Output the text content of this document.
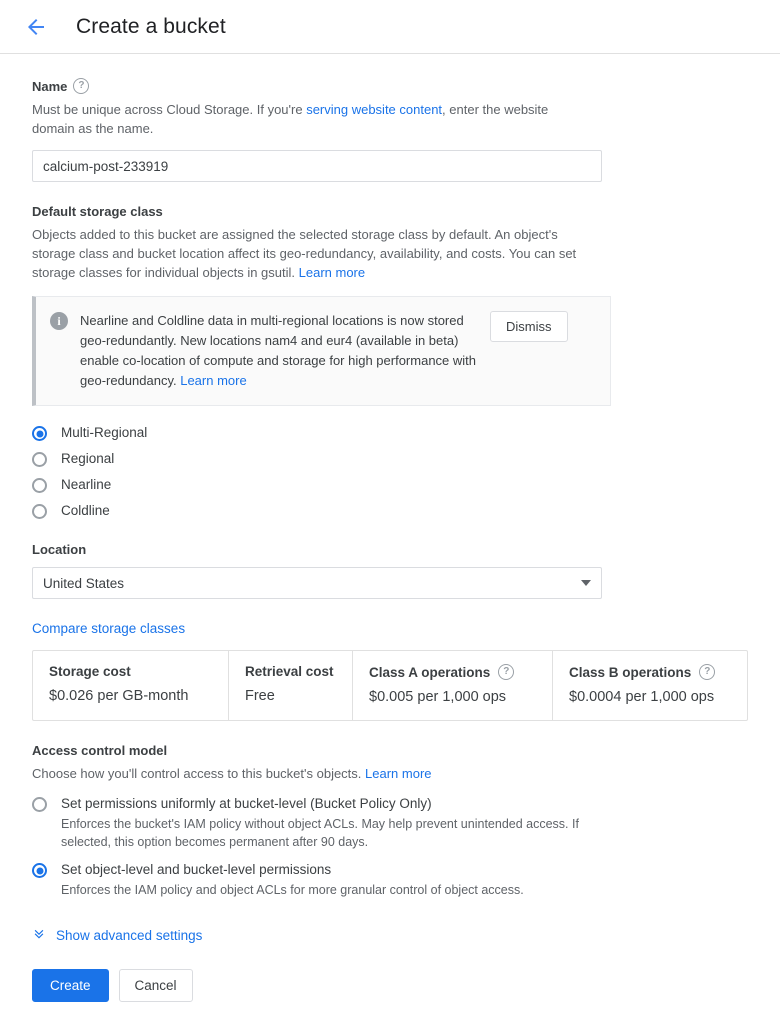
Create a bucket
Name	?
Must be unique across Cloud Storage. If you're serving website content, enter the website domain as the name.
calcium-post-233919
Default storage class
Objects added to this bucket are assigned the selected storage class by default. An object's storage class and bucket location affect its geo-redundancy, availability, and costs. You can set storage classes for individual objects in gsutil. Learn more
i	Nearline and Coldline data in multi-regional locations is now stored geo-redundantly. New locations nam4 and eur4 (available in beta) enable co-location of compute and storage for high performance with geo-redundancy. Learn more
Dismiss
Multi-Regional
Regional
Nearline
Coldline
Location
United States
Compare storage classes
Storage cost
$0.026 per GB-month
Retrieval cost
Free
Class A operations	?
$0.005 per 1,000 ops
Class B operations	?
$0.0004 per 1,000 ops
Access control model
Choose how you'll control access to this bucket's objects. Learn more
Set permissions uniformly at bucket-level (Bucket Policy Only)
Enforces the bucket's IAM policy without object ACLs. May help prevent unintended access. If selected, this option becomes permanent after 90 days.
Set object-level and bucket-level permissions
Enforces the IAM policy and object ACLs for more granular control of object access.
Show advanced settings
Create	Cancel
